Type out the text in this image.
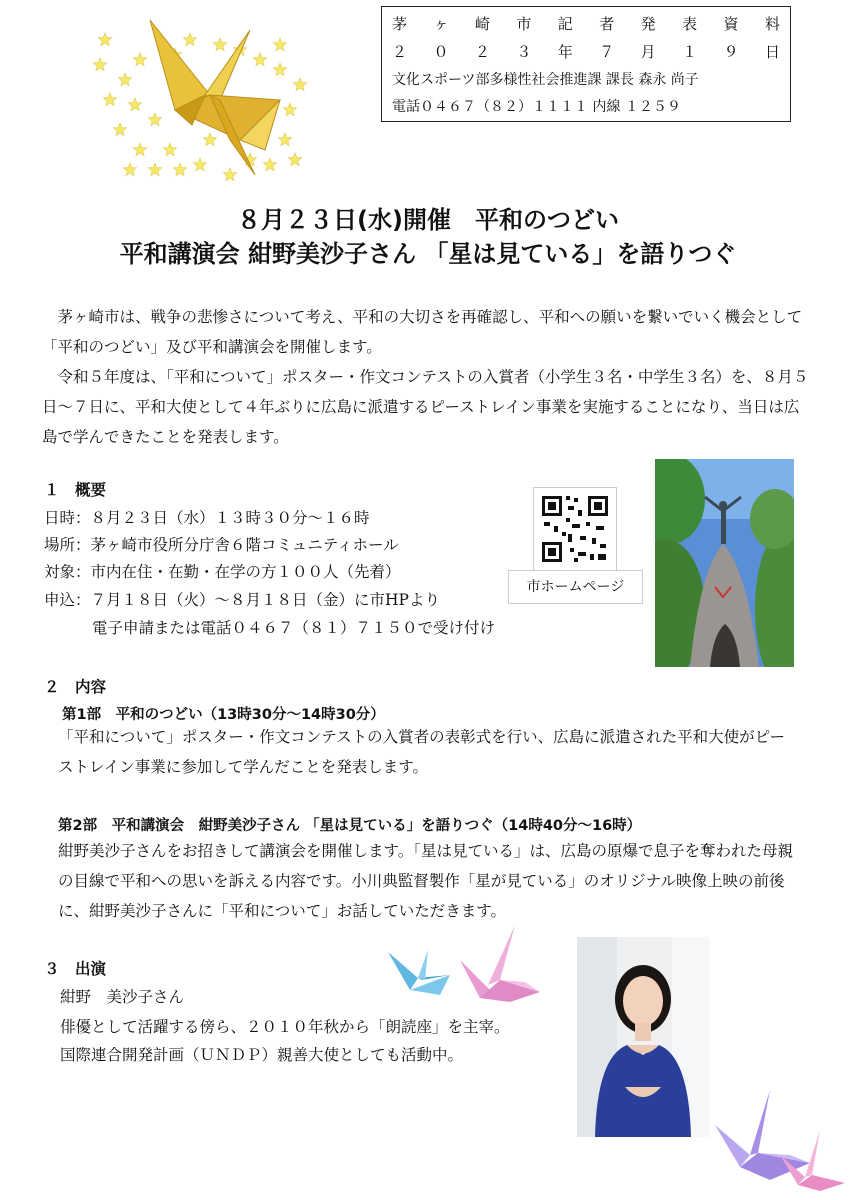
茅 ヶ 崎 市 記 者 発 表 資 料
２ ０ ２ ３ 年 ７ 月 １ ９ 日
文化スポーツ部多様性社会推進課 課長 森永 尚子
電話０４６７（８２）１１１１ 内線 １２５９
８月２３日(水)開催　平和のつどい
平和講演会 紺野美沙子さん 「星は見ている」を語りつぐ
　茅ヶ崎市は、戦争の悲惨さについて考え、平和の大切さを再確認し、平和への願いを繋いでいく機会として「平和のつどい」及び平和講演会を開催します。
　令和５年度は、「平和について」ポスター・作文コンテストの入賞者（小学生３名・中学生３名）を、８月５日～７日に、平和大使として４年ぶりに広島に派遣するピーストレイン事業を実施することになり、当日は広島で学んできたことを発表します。
１　概要
日時：８月２３日（水）１３時３０分～１６時
場所：茅ヶ崎市役所分庁舎６階コミュニティホール
対象：市内在住・在勤・在学の方１００人（先着）
申込：７月１８日（火）～８月１８日（金）に市HPより
電子申請または電話０４６７（８１）７１５０で受け付け
市ホームページ
２　内容
第1部　平和のつどい（13時30分～14時30分）
「平和について」ポスター・作文コンテストの入賞者の表彰式を行い、広島に派遣された平和大使がピーストレイン事業に参加して学んだことを発表します。
第2部　平和講演会　紺野美沙子さん 「星は見ている」を語りつぐ（14時40分～16時）
紺野美沙子さんをお招きして講演会を開催します。「星は見ている」は、広島の原爆で息子を奪われた母親の目線で平和への思いを訴える内容です。小川典監督製作「星が見ている」のオリジナル映像上映の前後に、紺野美沙子さんに「平和について」お話していただきます。
３　出演
紺野　美沙子さん
俳優として活躍する傍ら、２０１０年秋から「朗読座」を主宰。
国際連合開発計画（ＵＮＤＰ）親善大使としても活動中。
